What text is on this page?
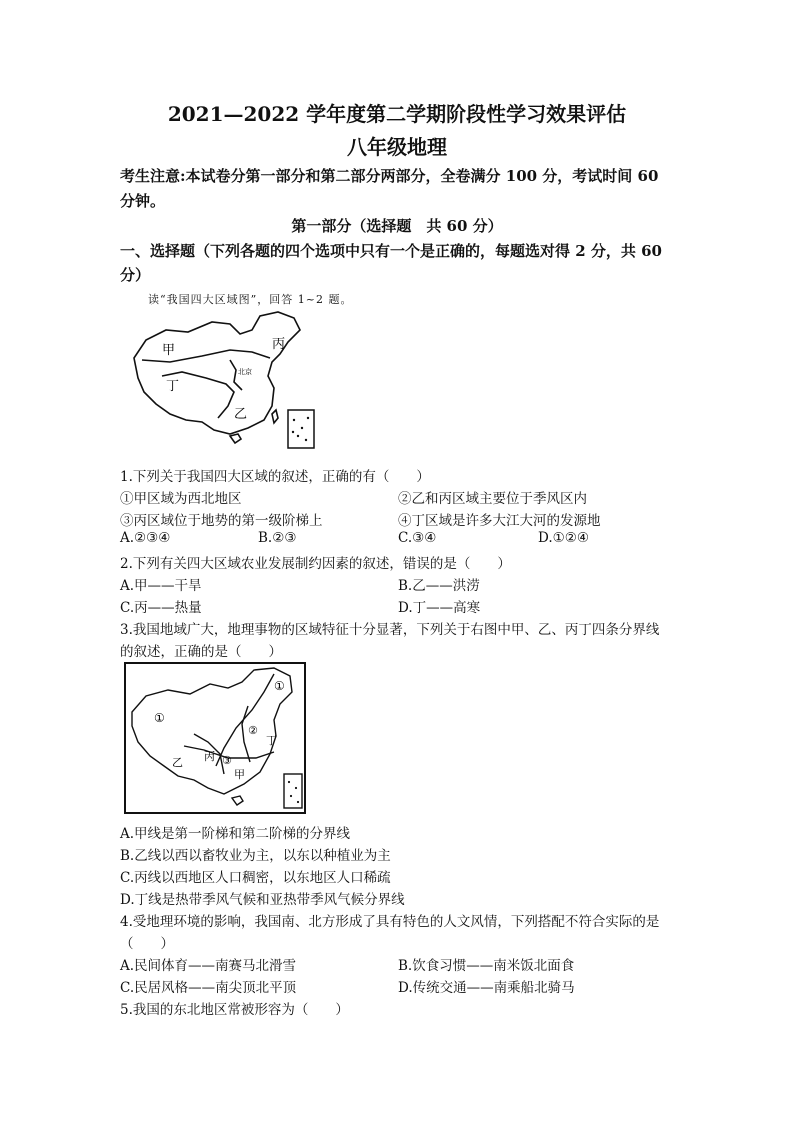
2021—2022 学年度第二学期阶段性学习效果评估
八年级地理
考生注意:本试卷分第一部分和第二部分两部分，全卷满分 100 分，考试时间 60
分钟。
第一部分（选择题　共 60 分）
一、选择题（下列各题的四个选项中只有一个是正确的，每题选对得 2 分，共 60
分）
读“我国四大区域图”，回答 1~2 题。
甲	丙
北京
丁
乙
1.下列关于我国四大区域的叙述，正确的有（　　）
①甲区域为西北地区	②乙和丙区域主要位于季风区内
③丙区域位于地势的第一级阶梯上	④丁区域是许多大江大河的发源地
A.②③④	B.②③	C.③④	D.①②④
2.下列有关四大区域农业发展制约因素的叙述，错误的是（　　）
A.甲——干旱	B.乙——洪涝
C.丙——热量	D.丁——高寒
3.我国地域广大，地理事物的区域特征十分显著，下列关于右图中甲、乙、丙丁四条分界线
的叙述，正确的是（　　）
①
①
②
丁
丙 ③
乙
甲
A.甲线是第一阶梯和第二阶梯的分界线
B.乙线以西以畜牧业为主，以东以种植业为主
C.丙线以西地区人口稠密，以东地区人口稀疏
D.丁线是热带季风气候和亚热带季风气候分界线
4.受地理环境的影响，我国南、北方形成了具有特色的人文风情，下列搭配不符合实际的是
（　　）
A.民间体育——南赛马北滑雪	B.饮食习惯——南米饭北面食
C.民居风格——南尖顶北平顶	D.传统交通——南乘船北骑马
5.我国的东北地区常被形容为（　　）
